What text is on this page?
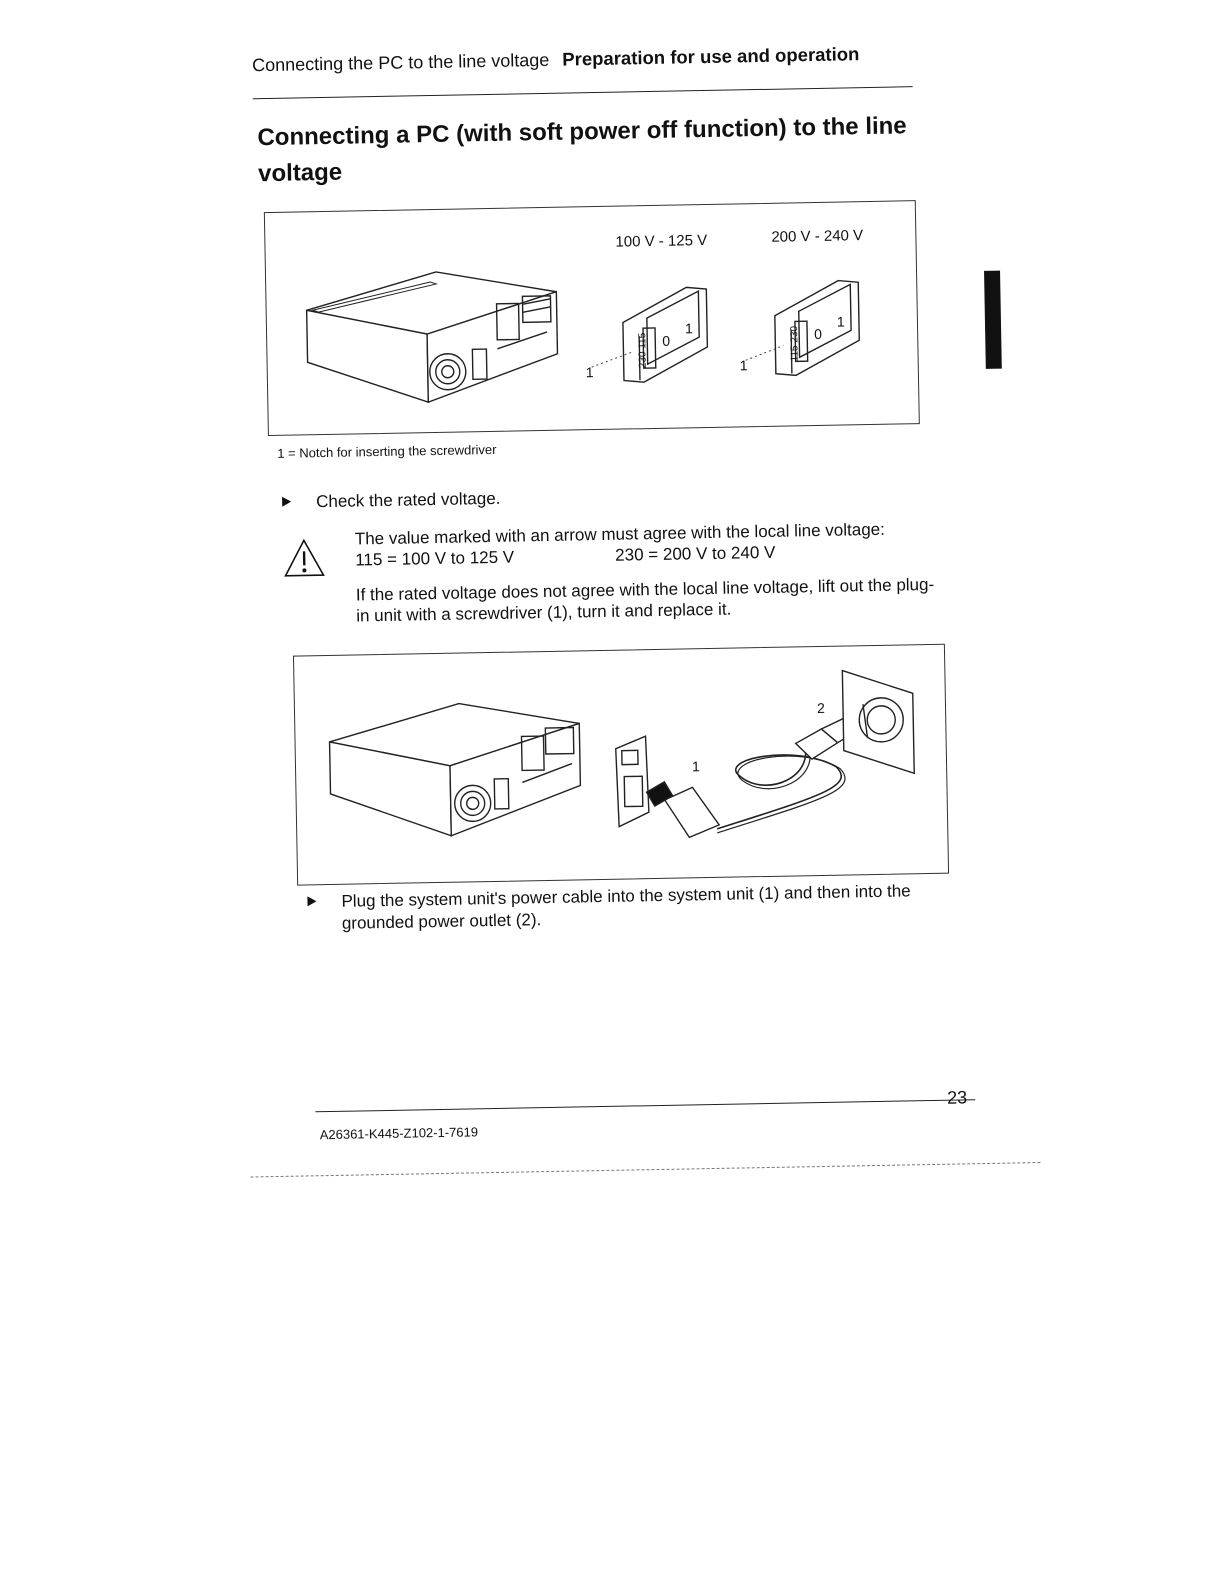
Connecting the PC to the line voltage Preparation for use and operation
Connecting a PC (with soft power off function) to the line voltage
230 115 0
1
1
115 230 0
1
1
100 V - 125 V	200 V - 240 V
1 = Notch for inserting the screwdriver
Check the rated voltage.
The value marked with an arrow must agree with the local line voltage:
115 = 100 V to 125 V	230 = 200 V to 240 V
If the rated voltage does not agree with the local line voltage, lift out the plug-in unit with a screwdriver (1), turn it and replace it.
1
2
Plug the system unit's power cable into the system unit (1) and then into the grounded power outlet (2).
23
A26361-K445-Z102-1-7619
